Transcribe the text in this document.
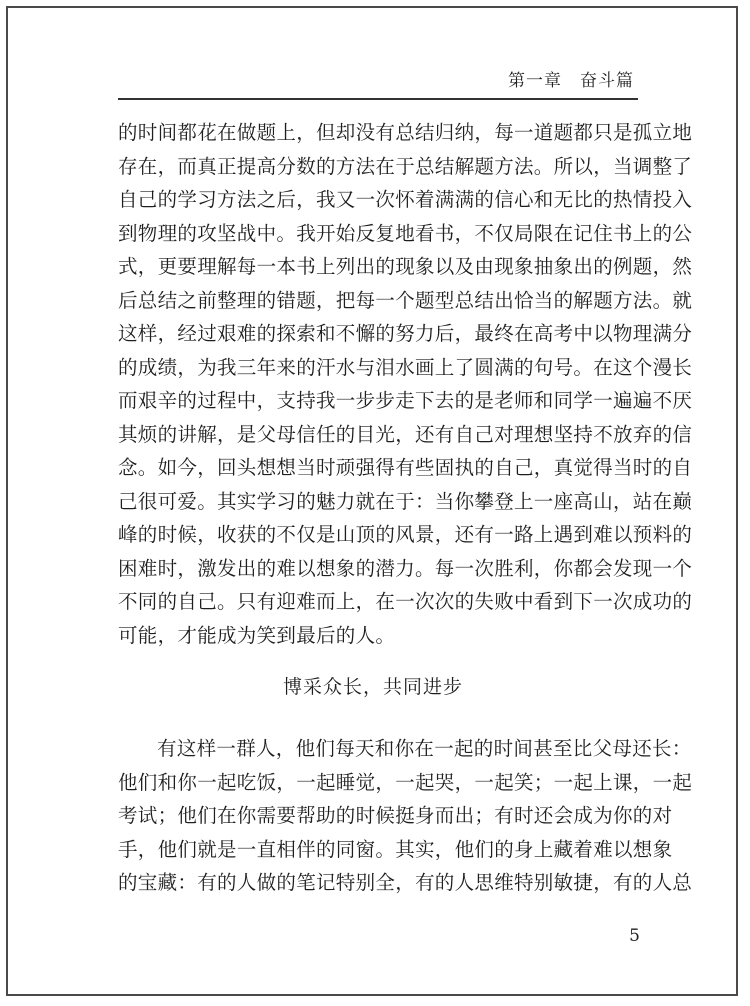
第一章　奋斗篇
的时间都花在做题上，但却没有总结归纳，每一道题都只是孤立地
存在，而真正提高分数的方法在于总结解题方法。所以，当调整了
自己的学习方法之后，我又一次怀着满满的信心和无比的热情投入
到物理的攻坚战中。我开始反复地看书，不仅局限在记住书上的公
式，更要理解每一本书上列出的现象以及由现象抽象出的例题，然
后总结之前整理的错题，把每一个题型总结出恰当的解题方法。就
这样，经过艰难的探索和不懈的努力后，最终在高考中以物理满分
的成绩，为我三年来的汗水与泪水画上了圆满的句号。在这个漫长
而艰辛的过程中，支持我一步步走下去的是老师和同学一遍遍不厌
其烦的讲解，是父母信任的目光，还有自己对理想坚持不放弃的信
念。如今，回头想想当时顽强得有些固执的自己，真觉得当时的自
己很可爱。其实学习的魅力就在于：当你攀登上一座高山，站在巅
峰的时候，收获的不仅是山顶的风景，还有一路上遇到难以预料的
困难时，激发出的难以想象的潜力。每一次胜利，你都会发现一个
不同的自己。只有迎难而上，在一次次的失败中看到下一次成功的
可能，才能成为笑到最后的人。
博采众长，共同进步
有这样一群人，他们每天和你在一起的时间甚至比父母还长：
他们和你一起吃饭，一起睡觉，一起哭，一起笑；一起上课，一起
考试；他们在你需要帮助的时候挺身而出；有时还会成为你的对
手，他们就是一直相伴的同窗。其实，他们的身上藏着难以想象
的宝藏：有的人做的笔记特别全，有的人思维特别敏捷，有的人总
5
